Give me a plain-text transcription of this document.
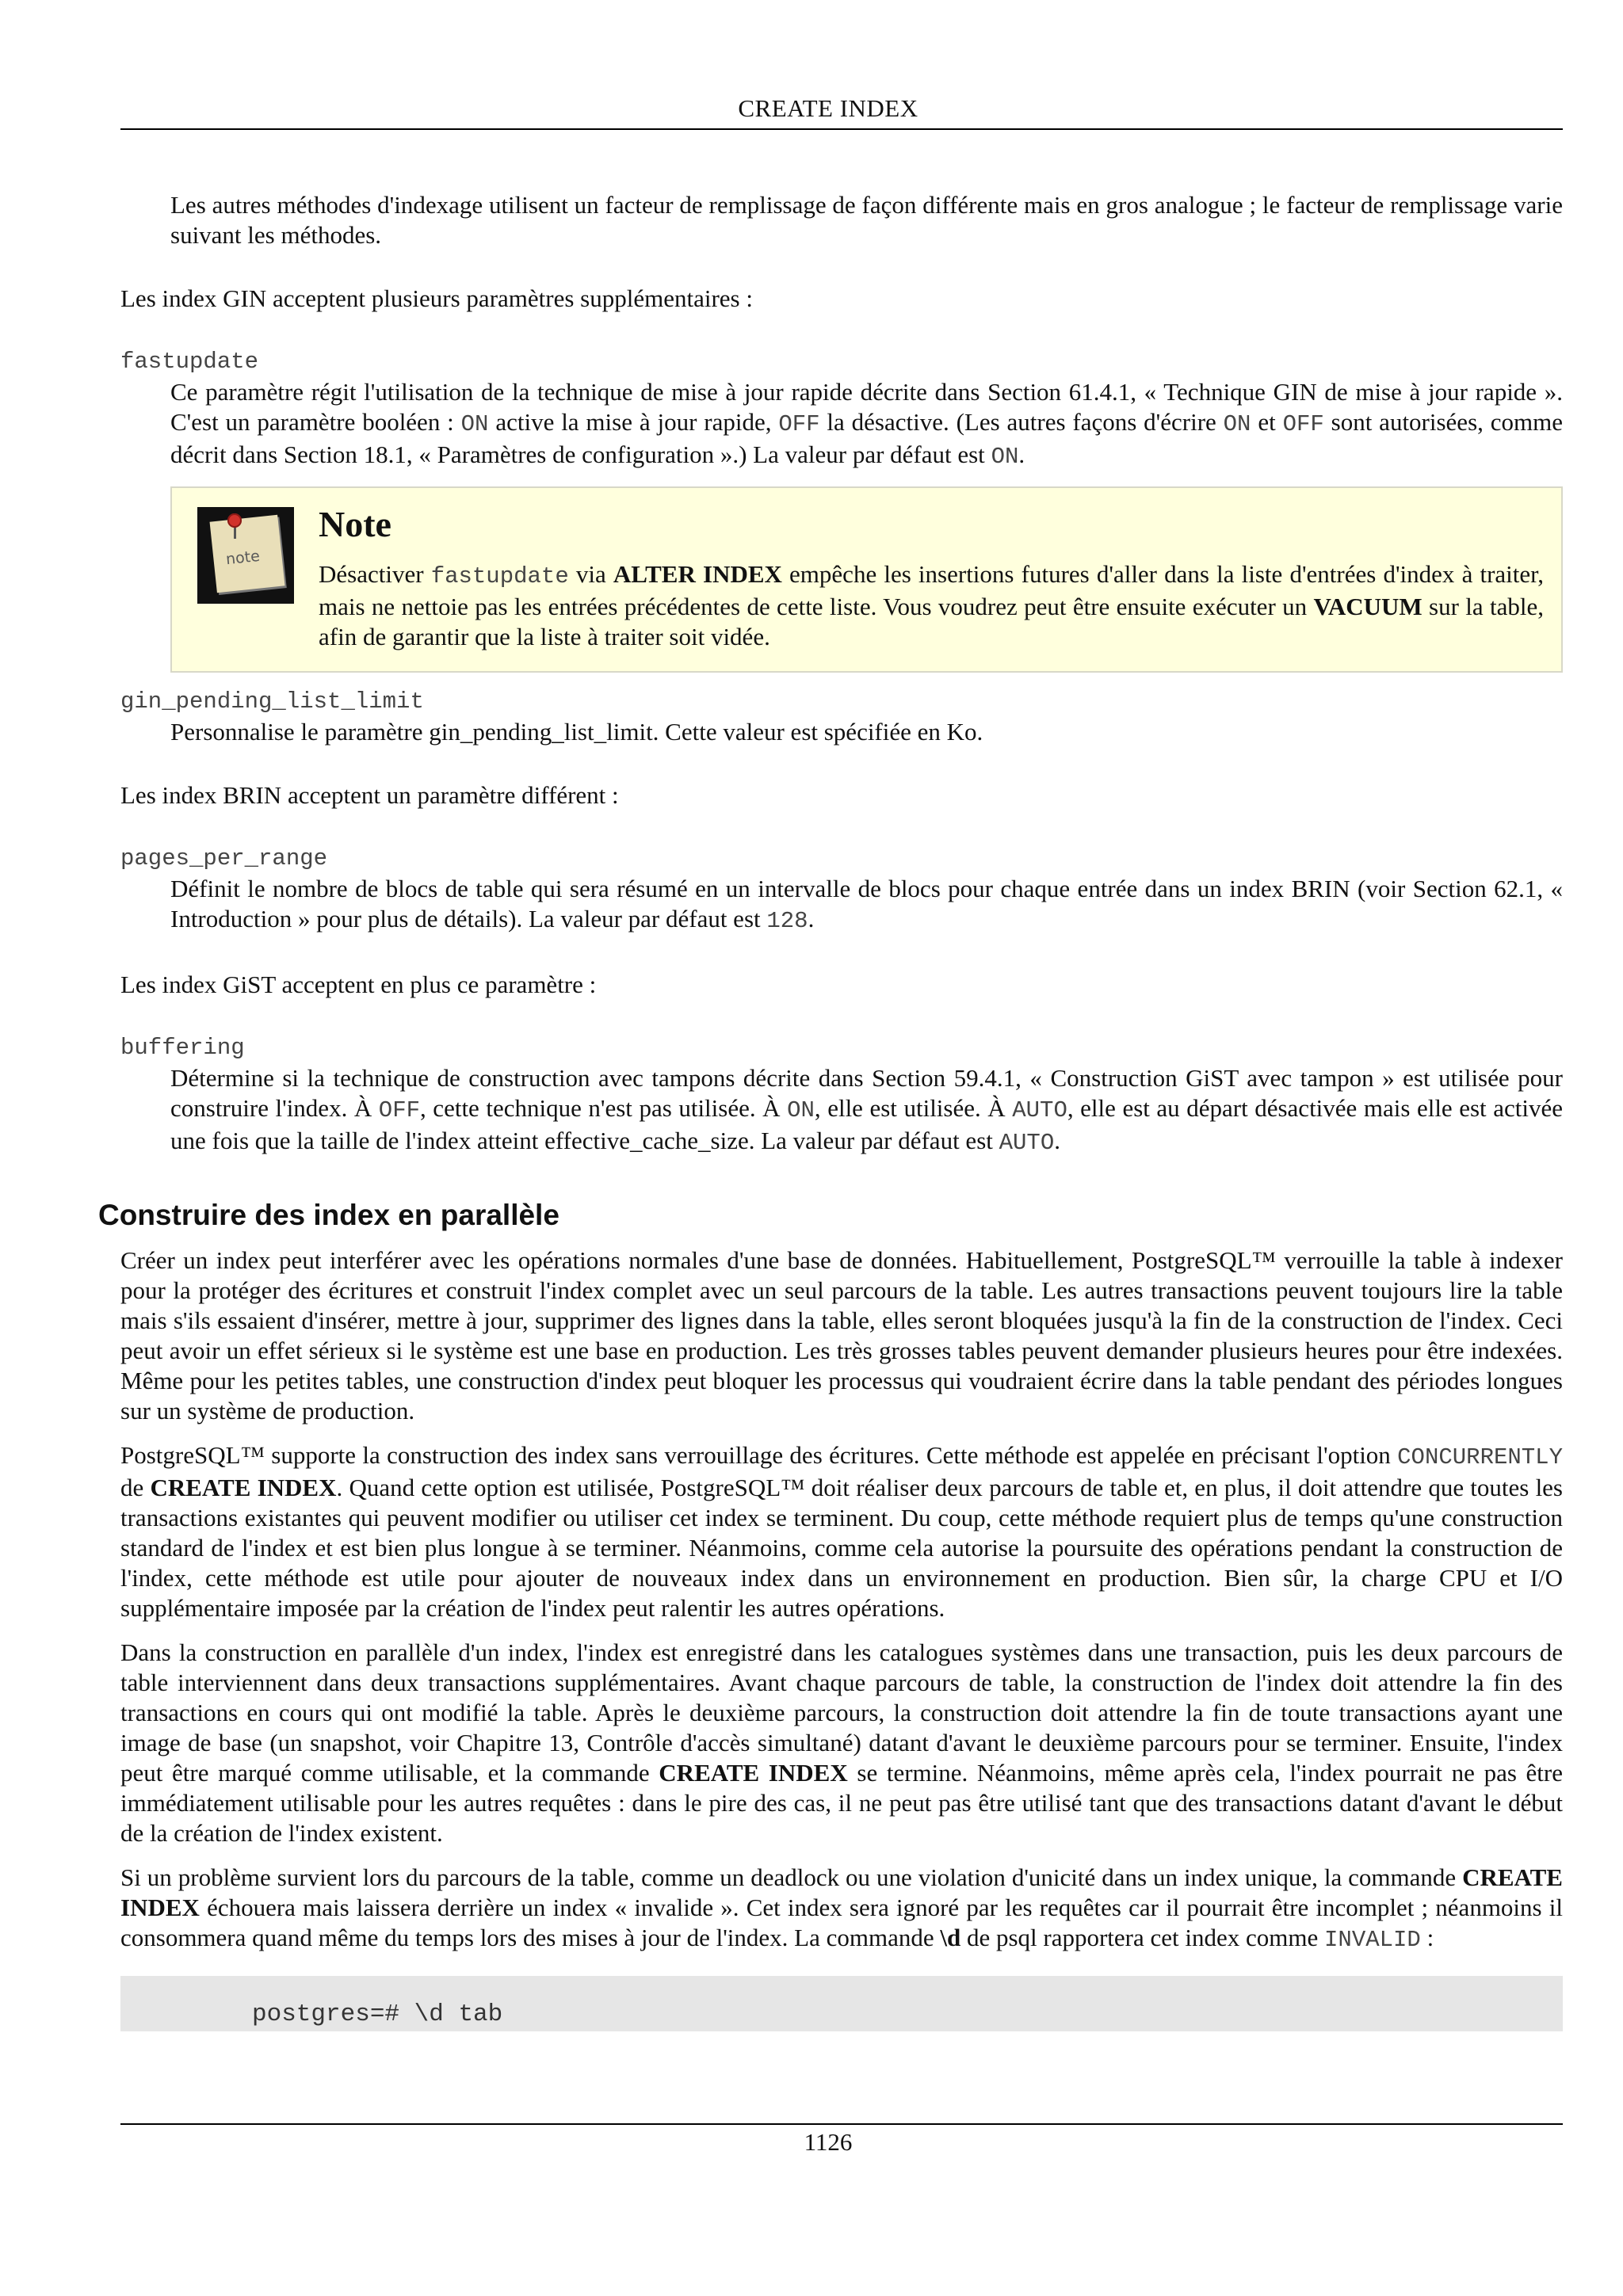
CREATE INDEX

Les autres méthodes d'indexage utilisent un facteur de remplissage de façon différente mais en gros analogue ; le facteur de remplissage varie suivant les méthodes.

Les index GIN acceptent plusieurs paramètres supplémentaires :

fastupdate

Ce paramètre régit l'utilisation de la technique de mise à jour rapide décrite dans Section 61.4.1, « Technique GIN de mise à jour rapide ». C'est un paramètre booléen : ON active la mise à jour rapide, OFF la désactive. (Les autres façons d'écrire ON et OFF sont autorisées, comme décrit dans Section 18.1, « Paramètres de configuration ».) La valeur par défaut est ON.

note
Note

Désactiver fastupdate via ALTER INDEX empêche les insertions futures d'aller dans la liste d'entrées d'index à traiter, mais ne nettoie pas les entrées précédentes de cette liste. Vous voudrez peut être ensuite exécuter un VACUUM sur la table, afin de garantir que la liste à traiter soit vidée.

gin_pending_list_limit

Personnalise le paramètre gin_pending_list_limit. Cette valeur est spécifiée en Ko.

Les index BRIN acceptent un paramètre différent :

pages_per_range

Définit le nombre de blocs de table qui sera résumé en un intervalle de blocs pour chaque entrée dans un index BRIN (voir Section 62.1, « Introduction » pour plus de détails). La valeur par défaut est 128.

Les index GiST acceptent en plus ce paramètre :

buffering

Détermine si la technique de construction avec tampons décrite dans Section 59.4.1, « Construction GiST avec tampon » est utilisée pour construire l'index. À OFF, cette technique n'est pas utilisée. À ON, elle est utilisée. À AUTO, elle est au départ désactivée mais elle est activée une fois que la taille de l'index atteint effective_cache_size. La valeur par défaut est AUTO.

Construire des index en parallèle

Créer un index peut interférer avec les opérations normales d'une base de données. Habituellement, PostgreSQL™ verrouille la table à indexer pour la protéger des écritures et construit l'index complet avec un seul parcours de la table. Les autres transactions peuvent toujours lire la table mais s'ils essaient d'insérer, mettre à jour, supprimer des lignes dans la table, elles seront bloquées jusqu'à la fin de la construction de l'index. Ceci peut avoir un effet sérieux si le système est une base en production. Les très grosses tables peuvent demander plusieurs heures pour être indexées. Même pour les petites tables, une construction d'index peut bloquer les processus qui voudraient écrire dans la table pendant des périodes longues sur un système de production.

PostgreSQL™ supporte la construction des index sans verrouillage des écritures. Cette méthode est appelée en précisant l'option CONCURRENTLY de CREATE INDEX. Quand cette option est utilisée, PostgreSQL™ doit réaliser deux parcours de table et, en plus, il doit attendre que toutes les transactions existantes qui peuvent modifier ou utiliser cet index se terminent. Du coup, cette méthode requiert plus de temps qu'une construction standard de l'index et est bien plus longue à se terminer. Néanmoins, comme cela autorise la poursuite des opérations pendant la construction de l'index, cette méthode est utile pour ajouter de nouveaux index dans un environnement en production. Bien sûr, la charge CPU et I/O supplémentaire imposée par la création de l'index peut ralentir les autres opérations.

Dans la construction en parallèle d'un index, l'index est enregistré dans les catalogues systèmes dans une transaction, puis les deux parcours de table interviennent dans deux transactions supplémentaires. Avant chaque parcours de table, la construction de l'index doit attendre la fin des transactions en cours qui ont modifié la table. Après le deuxième parcours, la construction doit attendre la fin de toute transactions ayant une image de base (un snapshot, voir Chapitre 13, Contrôle d'accès simultané) datant d'avant le deuxième parcours pour se terminer. Ensuite, l'index peut être marqué comme utilisable, et la commande CREATE INDEX se termine. Néanmoins, même après cela, l'index pourrait ne pas être immédiatement utilisable pour les autres requêtes : dans le pire des cas, il ne peut pas être utilisé tant que des transactions datant d'avant le début de la création de l'index existent.

Si un problème survient lors du parcours de la table, comme un deadlock ou une violation d'unicité dans un index unique, la commande CREATE INDEX échouera mais laissera derrière un index « invalide ». Cet index sera ignoré par les requêtes car il pourrait être incomplet ; néanmoins il consommera quand même du temps lors des mises à jour de l'index. La commande \d de psql rapportera cet index comme INVALID :

postgres=# \d tab
1126
